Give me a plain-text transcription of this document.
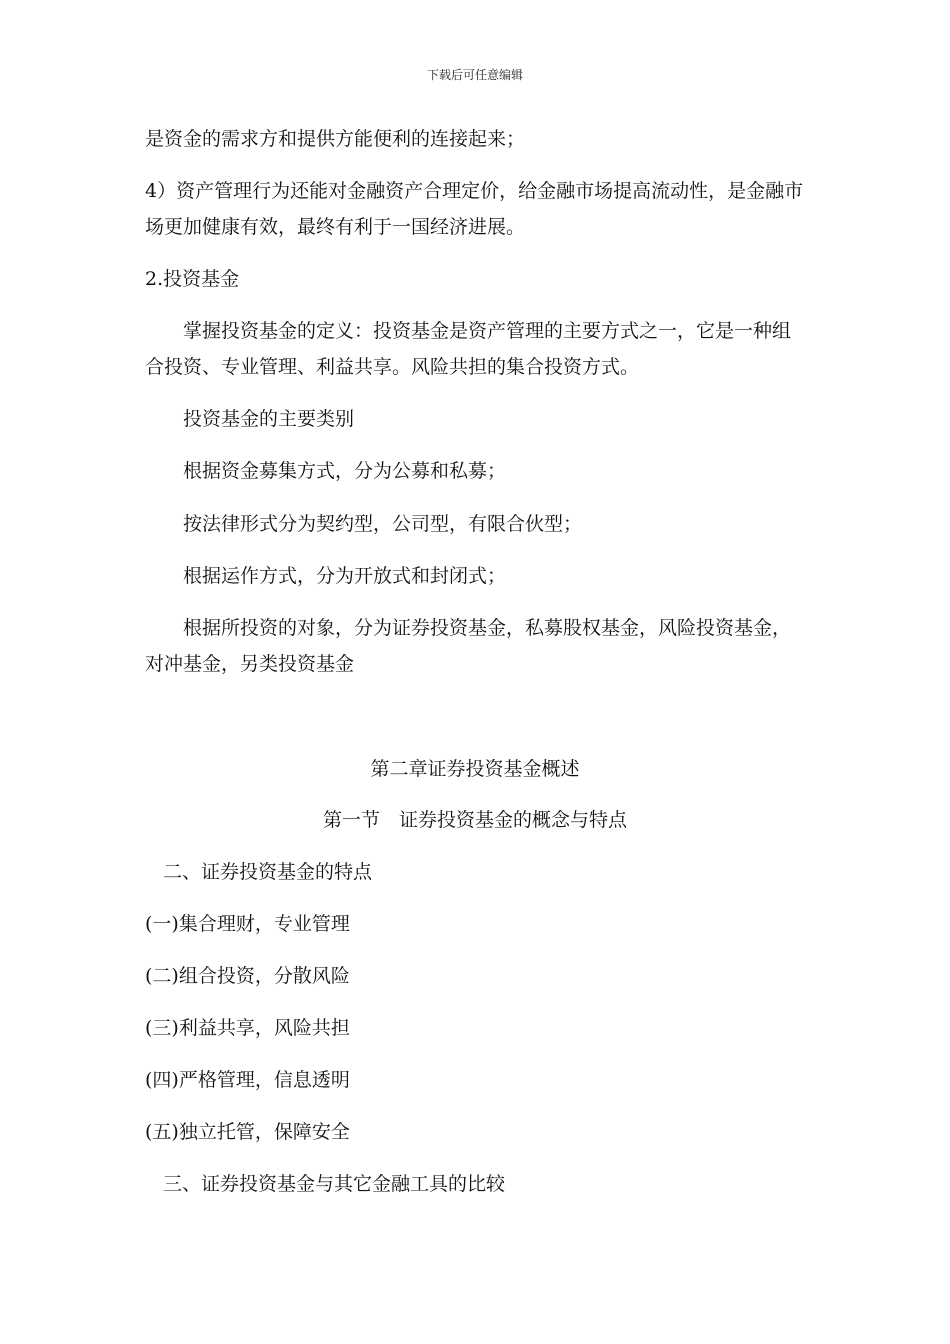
下载后可任意编辑
是资金的需求方和提供方能便利的连接起来；
4）资产管理行为还能对金融资产合理定价，给金融市场提高流动性，是金融市
场更加健康有效，最终有利于一国经济进展。
2.投资基金
掌握投资基金的定义：投资基金是资产管理的主要方式之一，它是一种组
合投资、专业管理、利益共享。风险共担的集合投资方式。
投资基金的主要类别
根据资金募集方式，分为公募和私募；
按法律形式分为契约型，公司型，有限合伙型；
根据运作方式，分为开放式和封闭式；
根据所投资的对象，分为证券投资基金，私募股权基金，风险投资基金，
对冲基金，另类投资基金
第二章证券投资基金概述
第一节　证券投资基金的概念与特点
二、证券投资基金的特点
(一)集合理财，专业管理
(二)组合投资，分散风险
(三)利益共享，风险共担
(四)严格管理，信息透明
(五)独立托管，保障安全
三、证券投资基金与其它金融工具的比较
